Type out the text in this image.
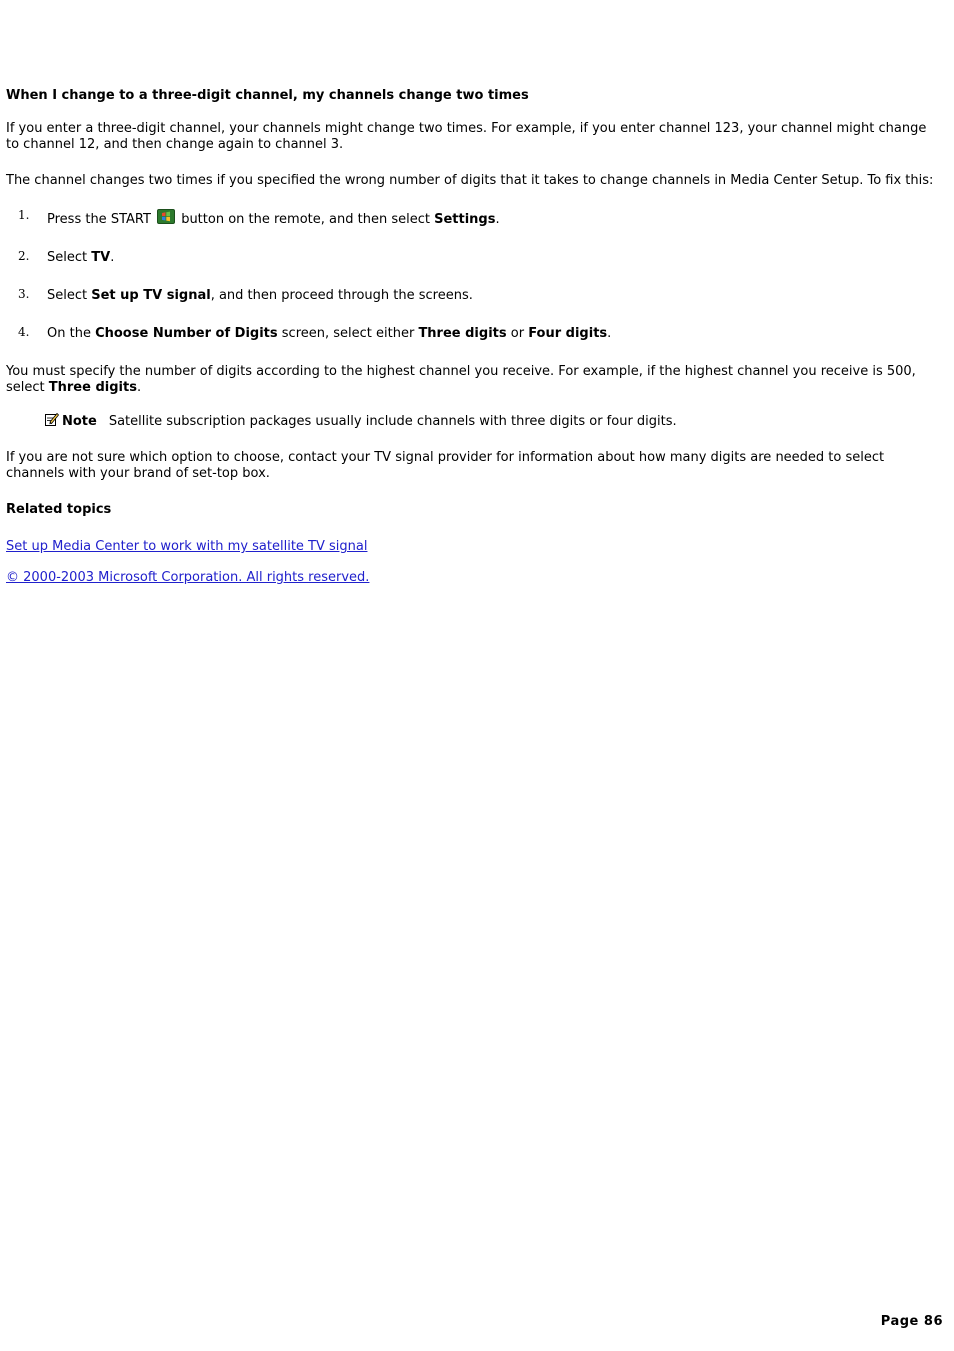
When I change to a three-digit channel, my channels change two times

If you enter a three-digit channel, your channels might change two times. For example, if you enter channel 123, your channel might change to channel 12, and then change again to channel 3.

The channel changes two times if you specified the wrong number of digits that it takes to change channels in Media Center Setup. To fix this:

1. Press the START  button on the remote, and then select Settings.
2. Select TV.
3. Select Set up TV signal, and then proceed through the screens.
4. On the Choose Number of Digits screen, select either Three digits or Four digits.

You must specify the number of digits according to the highest channel you receive. For example, if the highest channel you receive is 500, select Three digits.

Note Satellite subscription packages usually include channels with three digits or four digits.

If you are not sure which option to choose, contact your TV signal provider for information about how many digits are needed to select channels with your brand of set-top box.

Related topics
Set up Media Center to work with my satellite TV signal
© 2000-2003 Microsoft Corporation. All rights reserved.
Page 86
